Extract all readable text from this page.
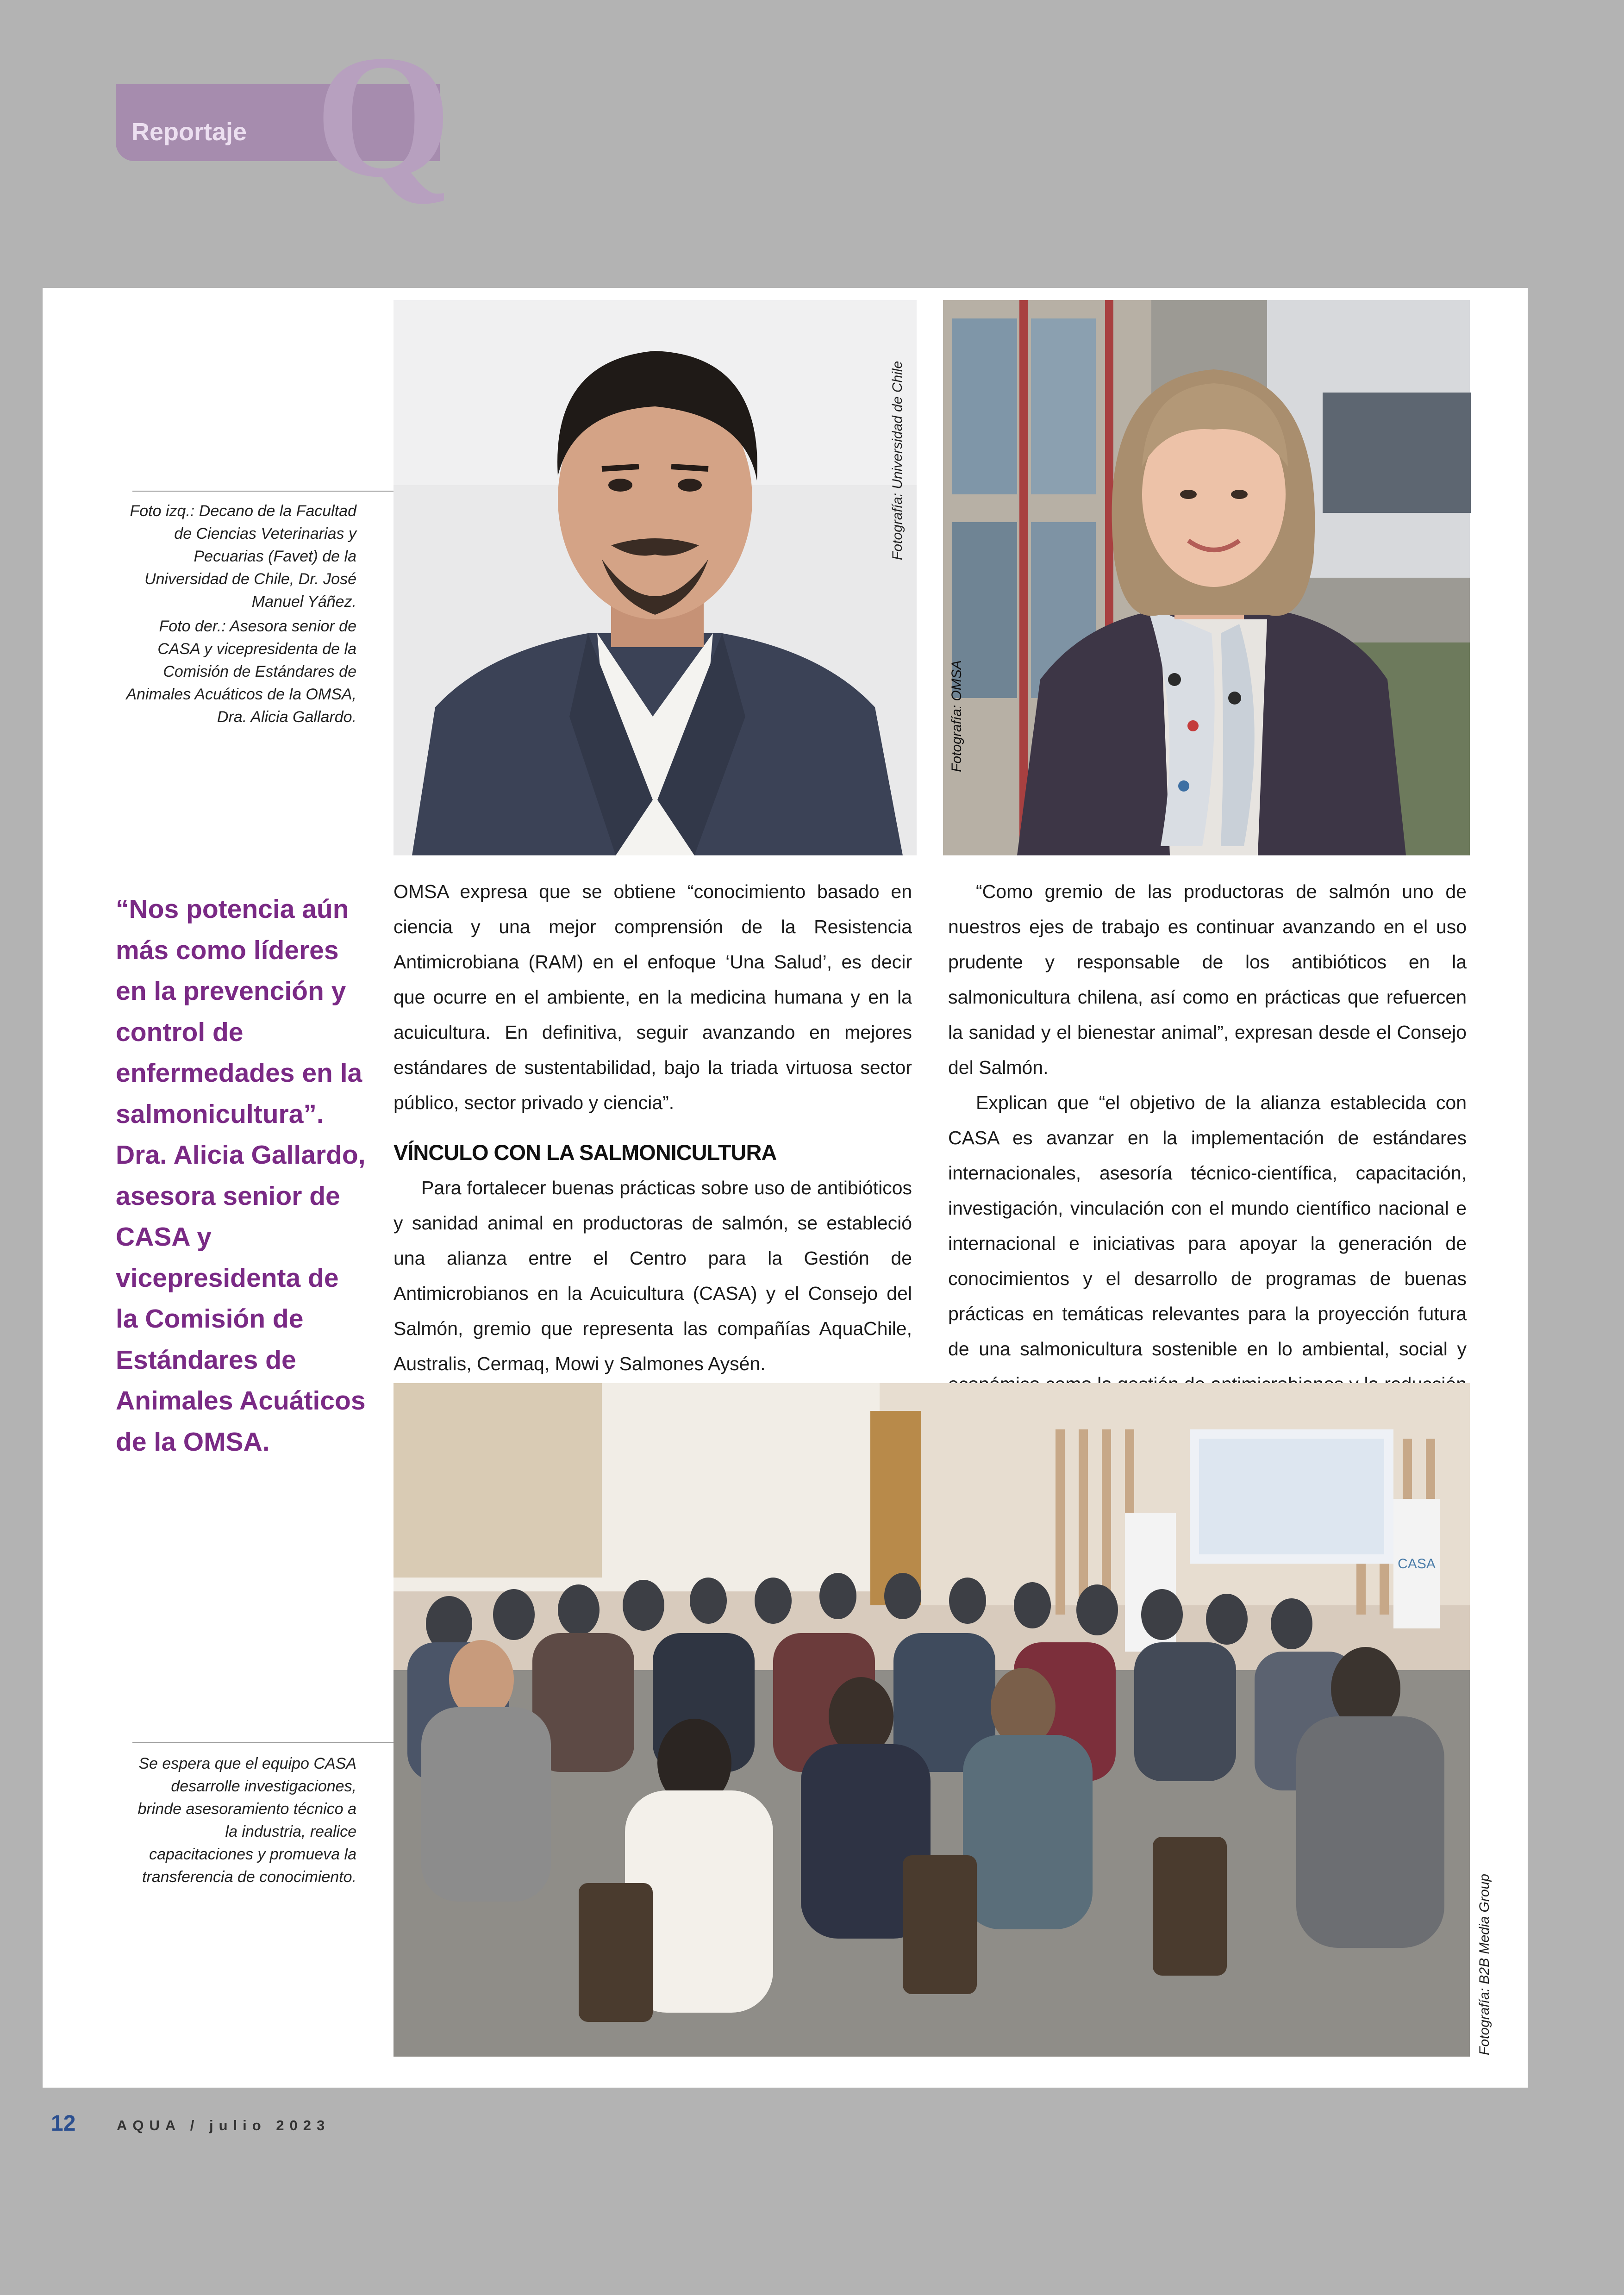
Q
Reportaje
Fotografía: Universidad de Chile
Fotografía: OMSA
Foto izq.: Decano de la Facultad de Ciencias Veterinarias y Pecuarias (Favet) de la Universidad de Chile, Dr. José Manuel Yáñez.
Foto der.: Asesora senior de CASA y vicepresidenta de la Comisión de Estándares de Animales Acuáticos de la OMSA, Dra. Alicia Gallardo.
“Nos potencia aún más como líderes en la prevención y control de enfermedades en la salmonicultura”. Dra. Alicia Gallardo, asesora senior de CASA y vicepresidenta de la Comisión de Estándares de Animales Acuáticos de la OMSA.

OMSA expresa que se obtiene “conocimiento basado en ciencia y una mejor comprensión de la Resistencia Antimicrobiana (RAM) en el enfoque ‘Una Salud’, es decir que ocurre en el ambiente, en la medicina humana y en la acuicultura. En definitiva, seguir avanzando en mejores estándares de sustentabilidad, bajo la triada virtuosa sector público, sector privado y ciencia”.

VÍNCULO CON LA SALMONICULTURA

Para fortalecer buenas prácticas sobre uso de antibióticos y sanidad animal en productoras de salmón, se estableció una alianza entre el Centro para la Gestión de Antimicrobianos en la Acuicultura (CASA) y el Consejo del Salmón, gremio que representa las compañías AquaChile, Australis, Cermaq, Mowi y Salmones Aysén.

“Como gremio de las productoras de salmón uno de nuestros ejes de trabajo es continuar avanzando en el uso prudente y responsable de los antibióticos en la salmonicultura chilena, así como en prácticas que refuercen la sanidad y el bienestar animal”, expresan desde el Consejo del Salmón.

Explican que “el objetivo de la alianza establecida con CASA es avanzar en la implementación de estándares internacionales, asesoría técnico-científica, capacitación, investigación, vinculación con el mundo científico nacional e internacional e iniciativas para apoyar la generación de conocimientos y el desarrollo de programas de buenas prácticas en temáticas relevantes para la proyección futura de una salmonicultura sostenible en lo ambiental, social y

CASA
Fotografía: B2B Media Group
Se espera que el equipo CASA desarrolle investigaciones, brinde asesoramiento técnico a la industria, realice capacitaciones y promueva la transferencia de conocimiento.
12	AQUA / julio 2023
